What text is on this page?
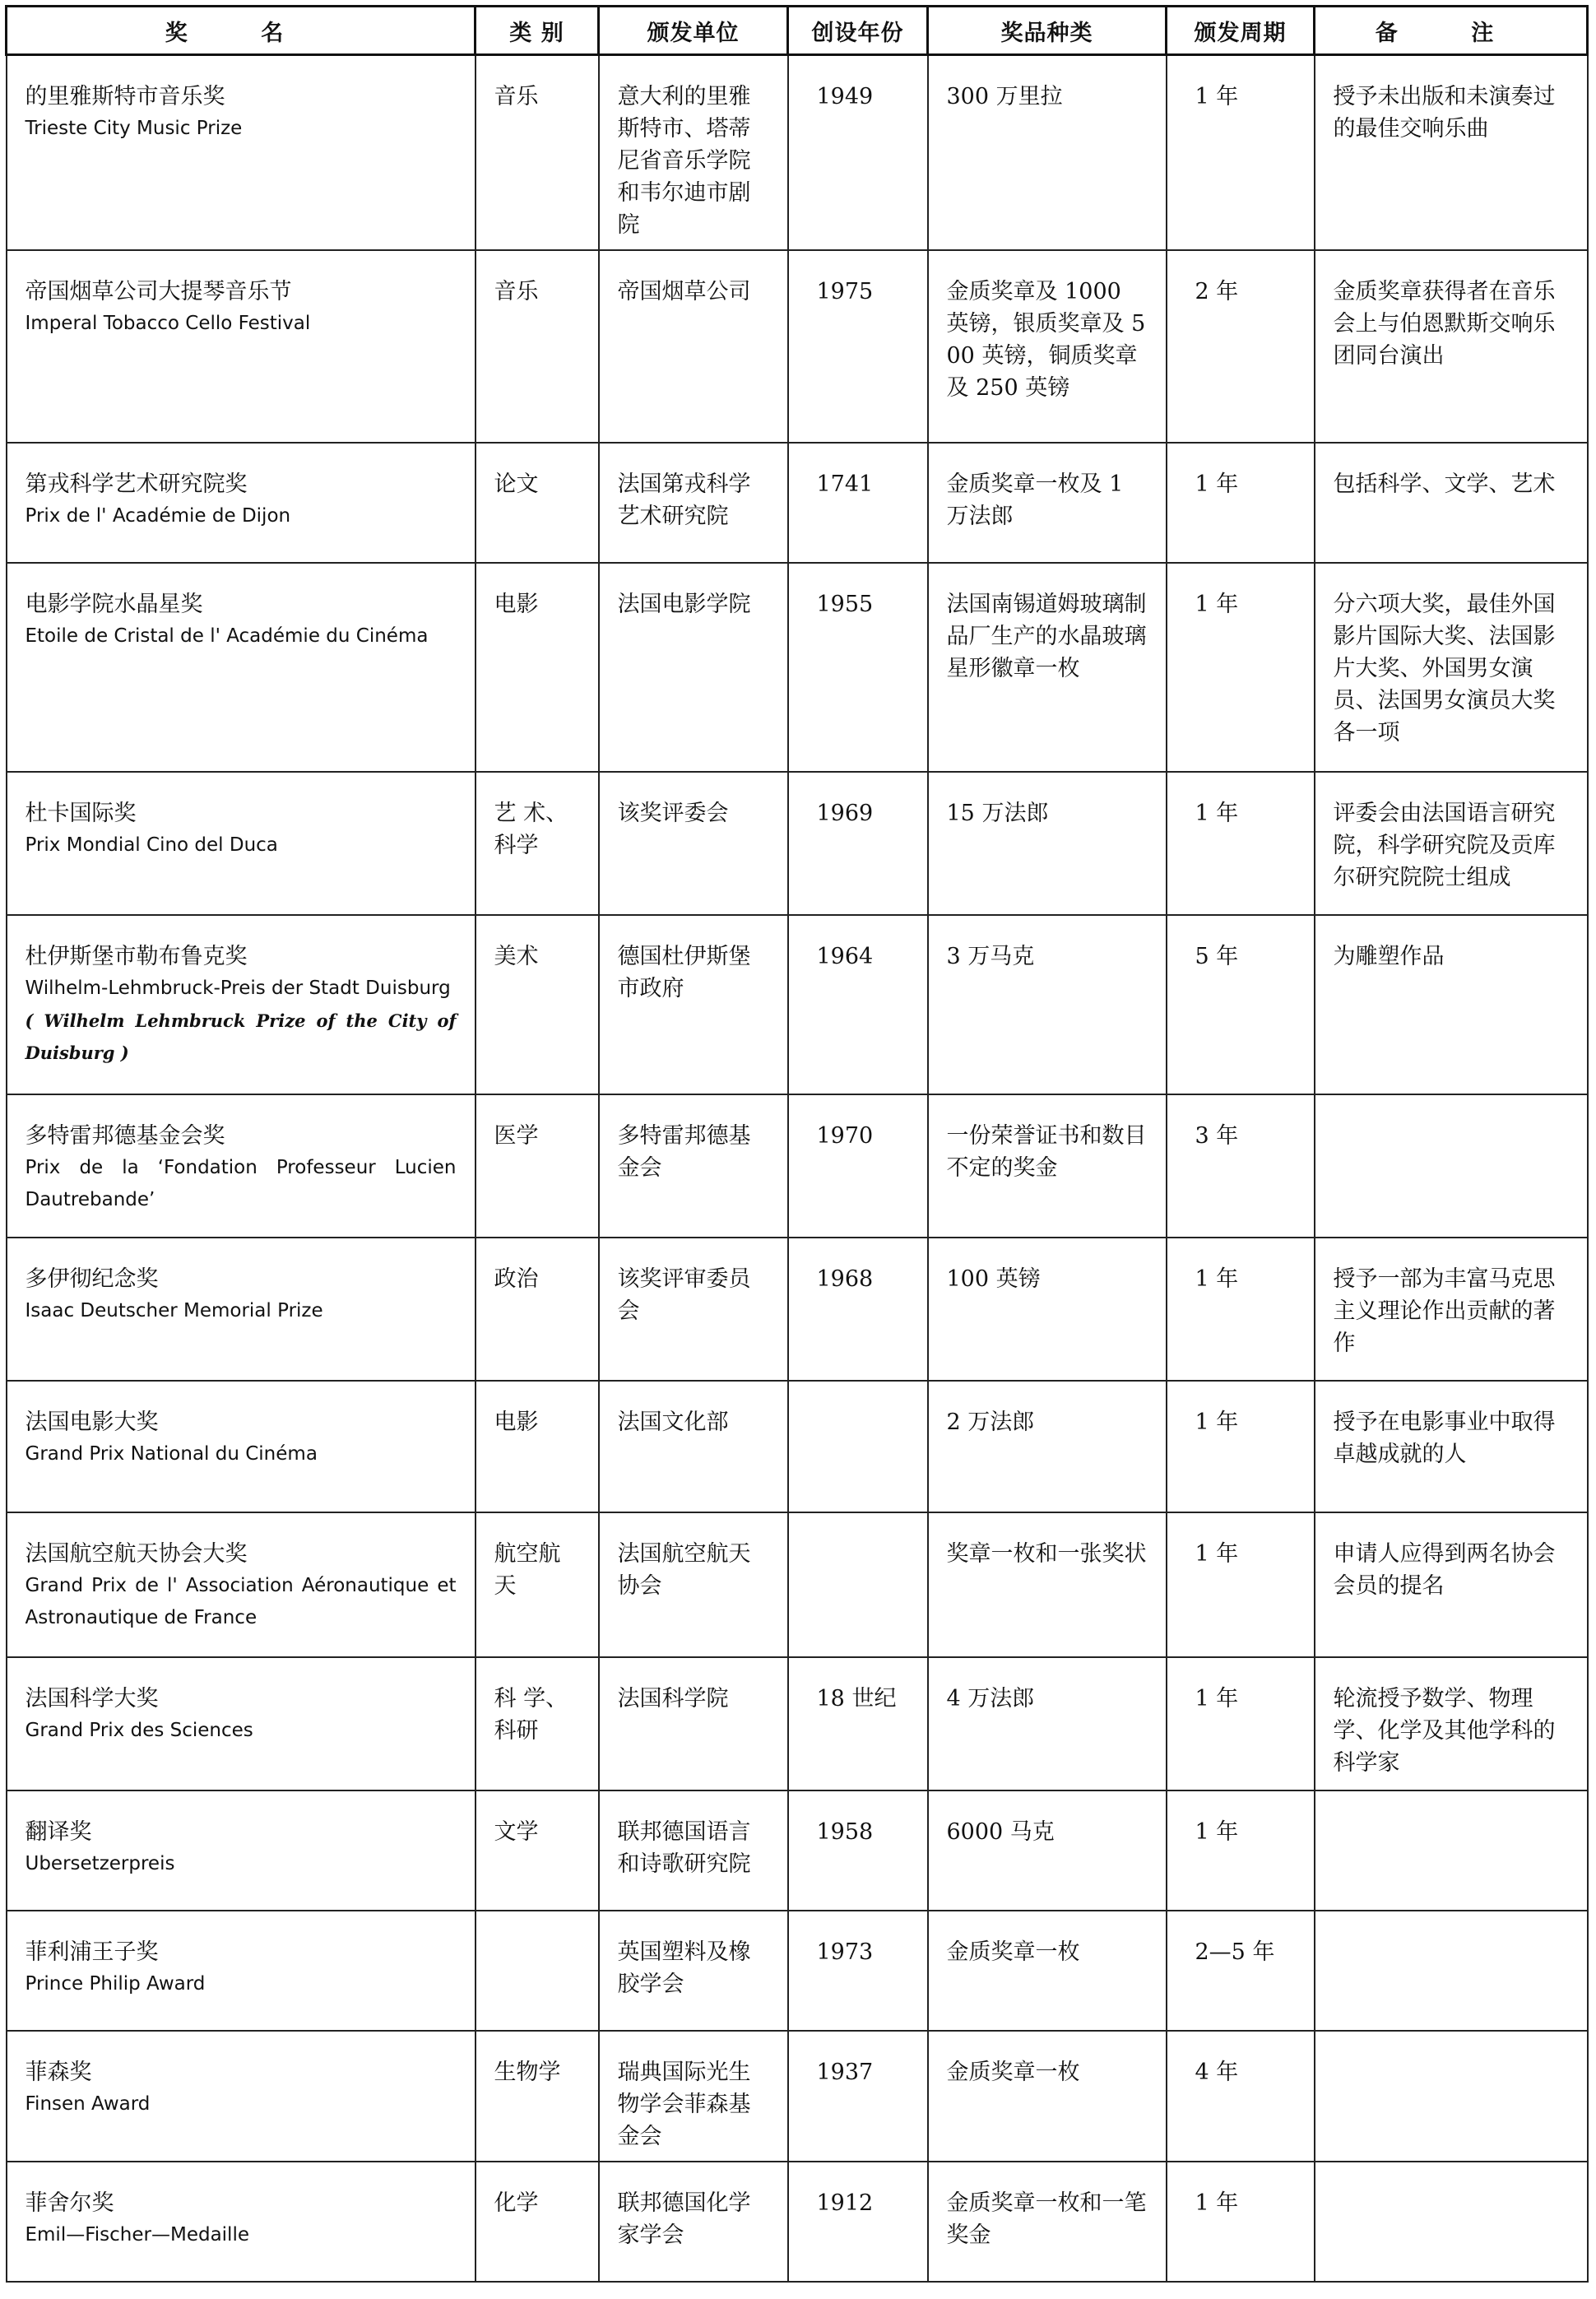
奖 名	类 别	颁发单位	创设年份	奖品种类	颁发周期	备 注

的里雅斯特市音乐奖
Trieste City Music Prize	音乐	意大利的里雅斯特市、塔蒂尼省音乐学院和韦尔迪市剧院	1949	300 万里拉	1 年	授予未出版和未演奏过的最佳交响乐曲

帝国烟草公司大提琴音乐节
Imperal Tobacco Cello Festival	音乐	帝国烟草公司	1975	金质奖章及 1000 英镑，银质奖章及 500 英镑，铜质奖章及 250 英镑	2 年	金质奖章获得者在音乐会上与伯恩默斯交响乐团同台演出

第戎科学艺术研究院奖
Prix de l' Académie de Dijon	论文	法国第戎科学艺术研究院	1741	金质奖章一枚及 1 万法郎	1 年	包括科学、文学、艺术

电影学院水晶星奖
Etoile de Cristal de l' Académie du Cinéma	电影	法国电影学院	1955	法国南锡道姆玻璃制品厂生产的水晶玻璃星形徽章一枚	1 年	分六项大奖，最佳外国影片国际大奖、法国影片大奖、外国男女演员、法国男女演员大奖各一项

杜卡国际奖
Prix Mondial Cino del Duca	艺 术、科学	该奖评委会	1969	15 万法郎	1 年	评委会由法国语言研究院，科学研究院及贡库尔研究院院士组成

杜伊斯堡市勒布鲁克奖
Wilhelm-Lehmbruck-Preis der Stadt Duisburg
( Wilhelm Lehmbruck Prize of the City of Duisburg )	美术	德国杜伊斯堡市政府	1964	3 万马克	5 年	为雕塑作品

多特雷邦德基金会奖
Prix de la ‘Fondation Professeur Lucien Dautrebande’	医学	多特雷邦德基金会	1970	一份荣誉证书和数目不定的奖金	3 年	

多伊彻纪念奖
Isaac Deutscher Memorial Prize	政治	该奖评审委员会	1968	100 英镑	1 年	授予一部为丰富马克思主义理论作出贡献的著作

法国电影大奖
Grand Prix National du Cinéma	电影	法国文化部		2 万法郎	1 年	授予在电影事业中取得卓越成就的人

法国航空航天协会大奖
Grand Prix de l' Association Aéronautique et Astronautique de France	航空航天	法国航空航天协会		奖章一枚和一张奖状	1 年	申请人应得到两名协会会员的提名

法国科学大奖
Grand Prix des Sciences	科 学、科研	法国科学院	18 世纪	4 万法郎	1 年	轮流授予数学、物理学、化学及其他学科的科学家

翻译奖
Ubersetzerpreis	文学	联邦德国语言和诗歌研究院	1958	6000 马克	1 年	

菲利浦王子奖
Prince Philip Award		英国塑料及橡胶学会	1973	金质奖章一枚	2—5 年	

菲森奖
Finsen Award	生物学	瑞典国际光生物学会菲森基金会	1937	金质奖章一枚	4 年	

菲舍尔奖
Emil—Fischer—Medaille	化学	联邦德国化学家学会	1912	金质奖章一枚和一笔奖金	1 年	
